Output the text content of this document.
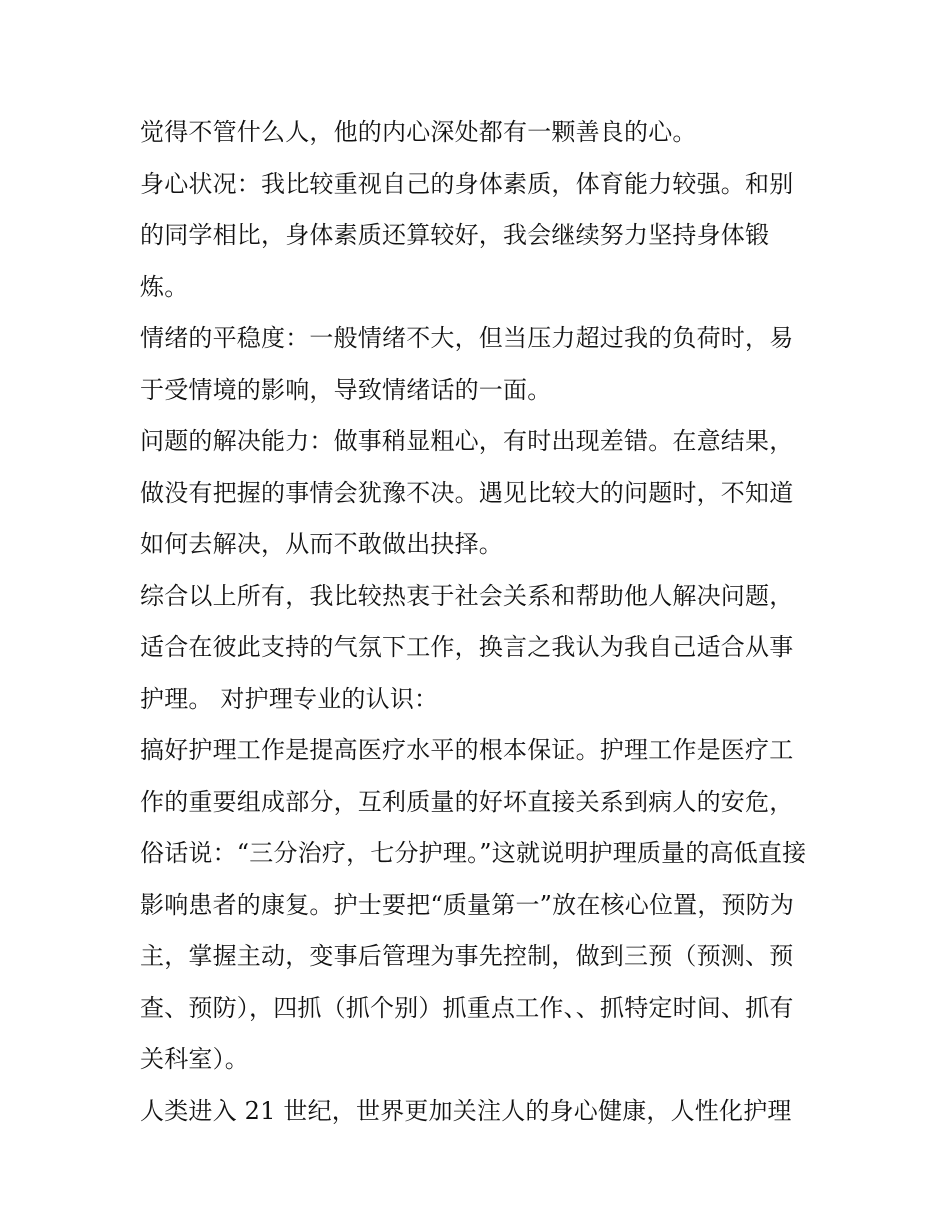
觉得不管什么人，他的内心深处都有一颗善良的心。

身心状况：我比较重视自己的身体素质，体育能力较强。和别的同学相比，身体素质还算较好，我会继续努力坚持身体锻炼。

情绪的平稳度：一般情绪不大，但当压力超过我的负荷时，易于受情境的影响，导致情绪话的一面。

问题的解决能力：做事稍显粗心，有时出现差错。在意结果，做没有把握的事情会犹豫不决。遇见比较大的问题时，不知道如何去解决，从而不敢做出抉择。

综合以上所有，我比较热衷于社会关系和帮助他人解决问题，适合在彼此支持的气氛下工作，换言之我认为我自己适合从事护理。 对护理专业的认识：

搞好护理工作是提高医疗水平的根本保证。护理工作是医疗工作的重要组成部分，互利质量的好坏直接关系到病人的安危，俗话说：“三分治疗，七分护理。”这就说明护理质量的高低直接影响患者的康复。护士要把“质量第一”放在核心位置，预防为主，掌握主动，变事后管理为事先控制，做到三预（预测、预查、预防），四抓（抓个别）抓重点工作、、抓特定时间、抓有关科室）。

人类进入 21 世纪，世界更加关注人的身心健康，人性化护理
